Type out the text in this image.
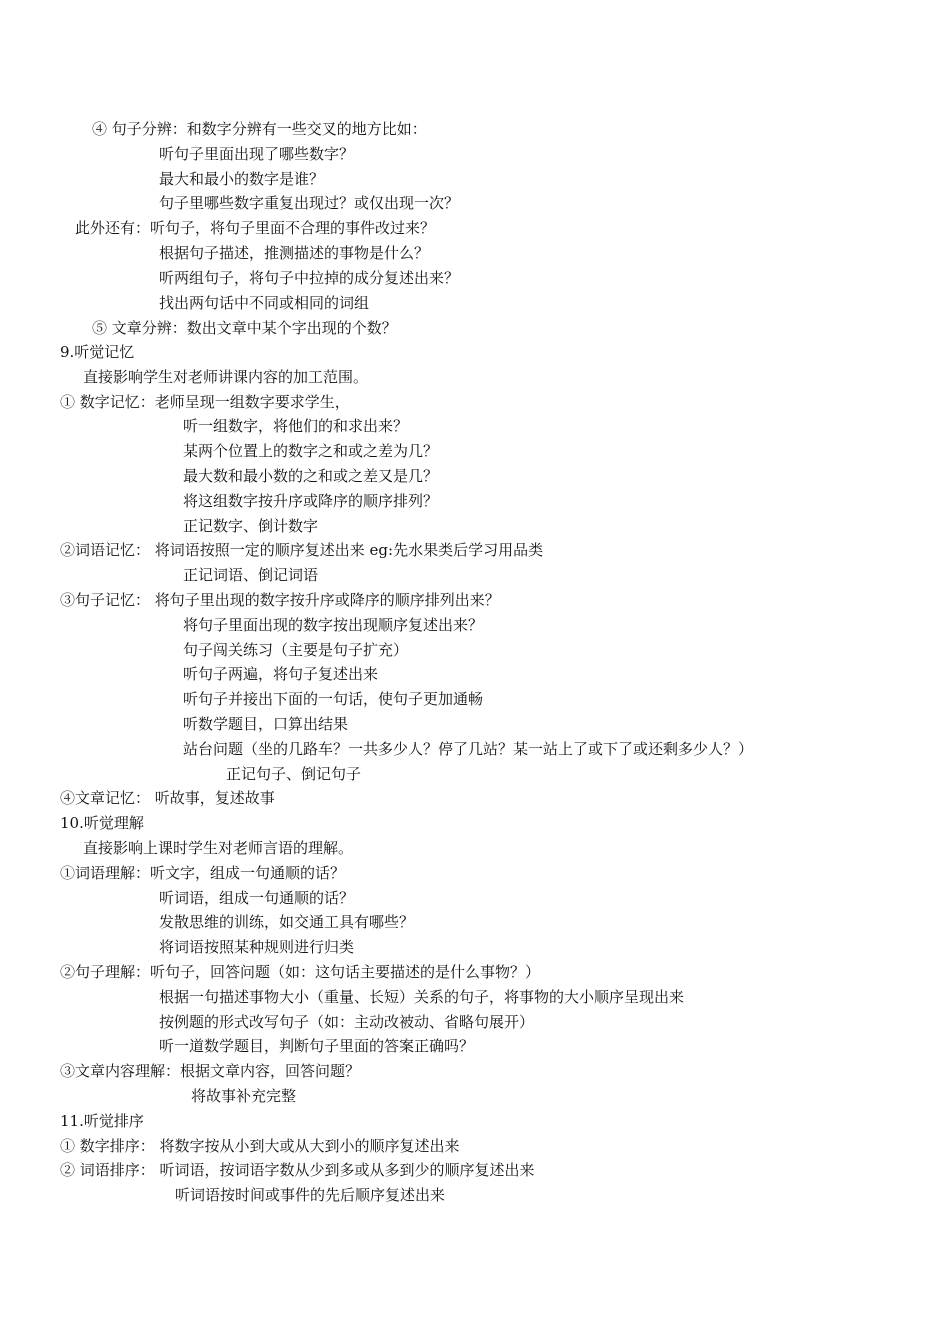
④ 句子分辨：和数字分辨有一些交叉的地方比如：
听句子里面出现了哪些数字？
最大和最小的数字是谁？
句子里哪些数字重复出现过？或仅出现一次？
此外还有：听句子，将句子里面不合理的事件改过来？
根据句子描述，推测描述的事物是什么？
听两组句子，将句子中拉掉的成分复述出来？
找出两句话中不同或相同的词组
⑤ 文章分辨：数出文章中某个字出现的个数？
9.听觉记忆
直接影响学生对老师讲课内容的加工范围。
① 数字记忆：老师呈现一组数字要求学生，
听一组数字，将他们的和求出来？
某两个位置上的数字之和或之差为几？
最大数和最小数的之和或之差又是几？
将这组数字按升序或降序的顺序排列？
正记数字、倒计数字
②词语记忆： 将词语按照一定的顺序复述出来 eg:先水果类后学习用品类
正记词语、倒记词语
③句子记忆： 将句子里出现的数字按升序或降序的顺序排列出来？
将句子里面出现的数字按出现顺序复述出来？
句子闯关练习（主要是句子扩充）
听句子两遍，将句子复述出来
听句子并接出下面的一句话，使句子更加通畅
听数学题目，口算出结果
站台问题（坐的几路车？一共多少人？停了几站？某一站上了或下了或还剩多少人？）
正记句子、倒记句子
④文章记忆： 听故事，复述故事
10.听觉理解
直接影响上课时学生对老师言语的理解。
①词语理解：听文字，组成一句通顺的话？
听词语，组成一句通顺的话？
发散思维的训练，如交通工具有哪些？
将词语按照某种规则进行归类
②句子理解：听句子，回答问题（如：这句话主要描述的是什么事物？）
根据一句描述事物大小（重量、长短）关系的句子，将事物的大小顺序呈现出来
按例题的形式改写句子（如：主动改被动、省略句展开）
听一道数学题目，判断句子里面的答案正确吗？
③文章内容理解：根据文章内容，回答问题？
将故事补充完整
11.听觉排序
① 数字排序： 将数字按从小到大或从大到小的顺序复述出来
② 词语排序： 听词语，按词语字数从少到多或从多到少的顺序复述出来
听词语按时间或事件的先后顺序复述出来
